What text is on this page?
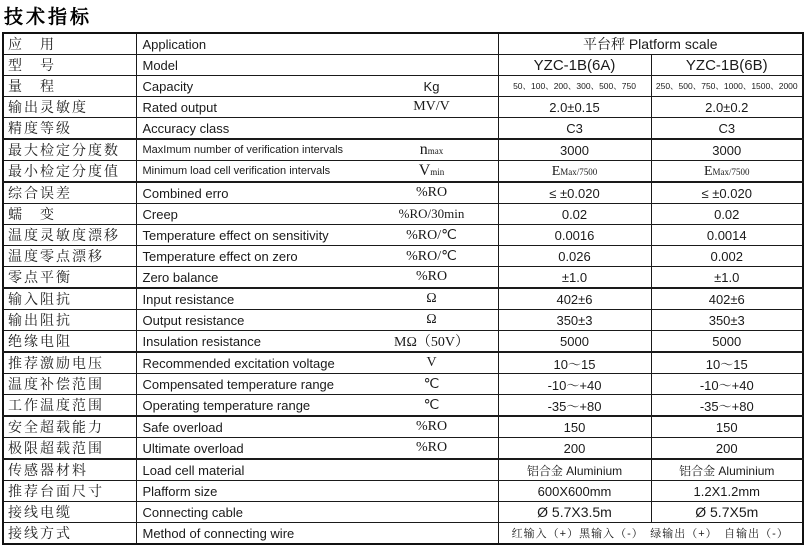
技术指标
应　用	Application	平台秤 Platform scale	
型　号	Model	YZC-1B(6A)	YZC-1B(6B)
量　程	Capacity Kg	50、100、200、300、500、750	250、500、750、1000、1500、2000
输出灵敏度	Rated output MV/V	2.0±0.15	2.0±0.2
精度等级	Accuracy class	C3	C3
最大检定分度数	MaxImum number of verification intervals nmax	3000	3000
最小检定分度值	Minimum load cell verification intervals Vmin	EMax/7500	EMax/7500
综合误差	Combined erro %RO	≤ ±0.020	≤ ±0.020
蠕　变	Creep %RO/30min	0.02	0.02
温度灵敏度漂移	Temperature effect on sensitivity %RO/℃	0.0016	0.0014
温度零点漂移	Temperature effect on zero %RO/℃	0.026	0.002
零点平衡	Zero balance %RO	±1.0	±1.0
输入阻抗	Input resistance Ω	402±6	402±6
输出阻抗	Output resistance Ω	350±3	350±3
绝缘电阻	Insulation resistance MΩ（50V）	5000	5000
推荐激励电压	Recommended excitation voltage V	10～15	10～15
温度补偿范围	Compensated temperature range ℃	-10～+40	-10～+40
工作温度范围	Operating temperature range ℃	-35～+80	-35～+80
安全超载能力	Safe overload %RO	150	150
极限超载范围	Ultimate overload %RO	200	200
传感器材料	Load cell material	铝合金 Aluminium	铝合金 Aluminium
推荐台面尺寸	Plafform size	600X600mm	1.2X1.2mm
接线电缆	Connecting cable	Ø 5.7X3.5m	Ø 5.7X5m
接线方式	Method of connecting wire	红输入（+）黑输入（-）　绿输出（+）　自输出（-）	
